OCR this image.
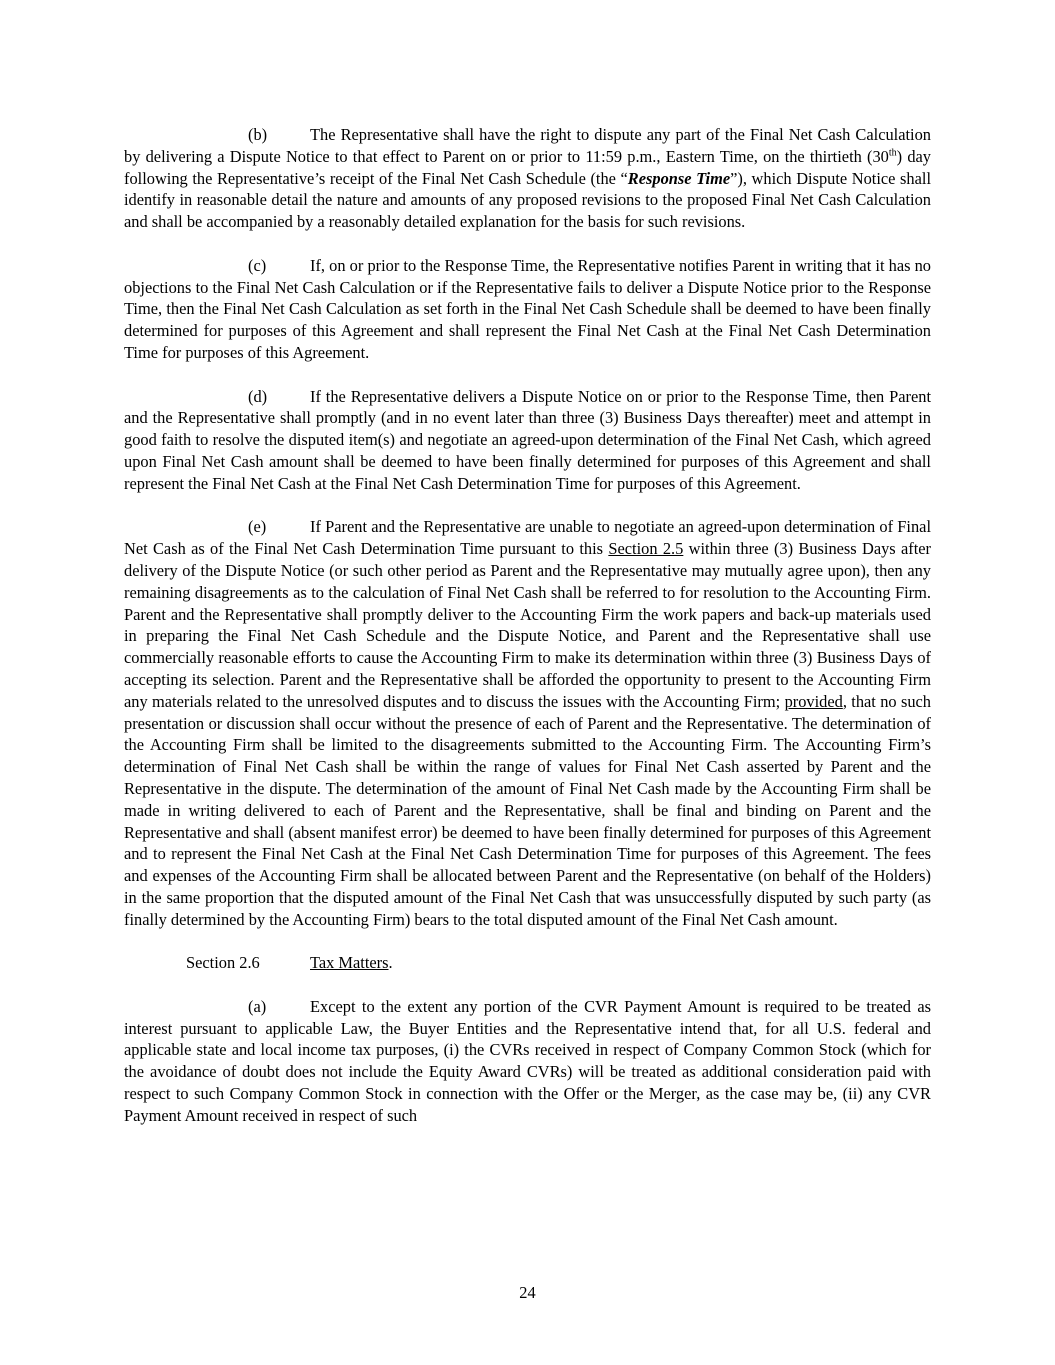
(b)	The Representative shall have the right to dispute any part of the Final Net Cash Calculation by delivering a Dispute Notice to that effect to Parent on or prior to 11:59 p.m., Eastern Time, on the thirtieth (30th) day following the Representative’s receipt of the Final Net Cash Schedule (the “Response Time”), which Dispute Notice shall identify in reasonable detail the nature and amounts of any proposed revisions to the proposed Final Net Cash Calculation and shall be accompanied by a reasonably detailed explanation for the basis for such revisions.

(c)	If, on or prior to the Response Time, the Representative notifies Parent in writing that it has no objections to the Final Net Cash Calculation or if the Representative fails to deliver a Dispute Notice prior to the Response Time, then the Final Net Cash Calculation as set forth in the Final Net Cash Schedule shall be deemed to have been finally determined for purposes of this Agreement and shall represent the Final Net Cash at the Final Net Cash Determination Time for purposes of this Agreement.

(d)	If the Representative delivers a Dispute Notice on or prior to the Response Time, then Parent and the Representative shall promptly (and in no event later than three (3) Business Days thereafter) meet and attempt in good faith to resolve the disputed item(s) and negotiate an agreed-upon determination of the Final Net Cash, which agreed upon Final Net Cash amount shall be deemed to have been finally determined for purposes of this Agreement and shall represent the Final Net Cash at the Final Net Cash Determination Time for purposes of this Agreement.

(e)	If Parent and the Representative are unable to negotiate an agreed-upon determination of Final Net Cash as of the Final Net Cash Determination Time pursuant to this Section 2.5 within three (3) Business Days after delivery of the Dispute Notice (or such other period as Parent and the Representative may mutually agree upon), then any remaining disagreements as to the calculation of Final Net Cash shall be referred to for resolution to the Accounting Firm. Parent and the Representative shall promptly deliver to the Accounting Firm the work papers and back-up materials used in preparing the Final Net Cash Schedule and the Dispute Notice, and Parent and the Representative shall use commercially reasonable efforts to cause the Accounting Firm to make its determination within three (3) Business Days of accepting its selection. Parent and the Representative shall be afforded the opportunity to present to the Accounting Firm any materials related to the unresolved disputes and to discuss the issues with the Accounting Firm; provided, that no such presentation or discussion shall occur without the presence of each of Parent and the Representative. The determination of the Accounting Firm shall be limited to the disagreements submitted to the Accounting Firm. The Accounting Firm’s determination of Final Net Cash shall be within the range of values for Final Net Cash asserted by Parent and the Representative in the dispute. The determination of the amount of Final Net Cash made by the Accounting Firm shall be made in writing delivered to each of Parent and the Representative, shall be final and binding on Parent and the Representative and shall (absent manifest error) be deemed to have been finally determined for purposes of this Agreement and to represent the Final Net Cash at the Final Net Cash Determination Time for purposes of this Agreement. The fees and expenses of the Accounting Firm shall be allocated between Parent and the Representative (on behalf of the Holders) in the same proportion that the disputed amount of the Final Net Cash that was unsuccessfully disputed by such party (as finally determined by the Accounting Firm) bears to the total disputed amount of the Final Net Cash amount.

Section 2.6	Tax Matters.

(a)	Except to the extent any portion of the CVR Payment Amount is required to be treated as interest pursuant to applicable Law, the Buyer Entities and the Representative intend that, for all U.S. federal and applicable state and local income tax purposes, (i) the CVRs received in respect of Company Common Stock (which for the avoidance of doubt does not include the Equity Award CVRs) will be treated as additional consideration paid with respect to such Company Common Stock in connection with the Offer or the Merger, as the case may be, (ii) any CVR Payment Amount received in respect of such

24
